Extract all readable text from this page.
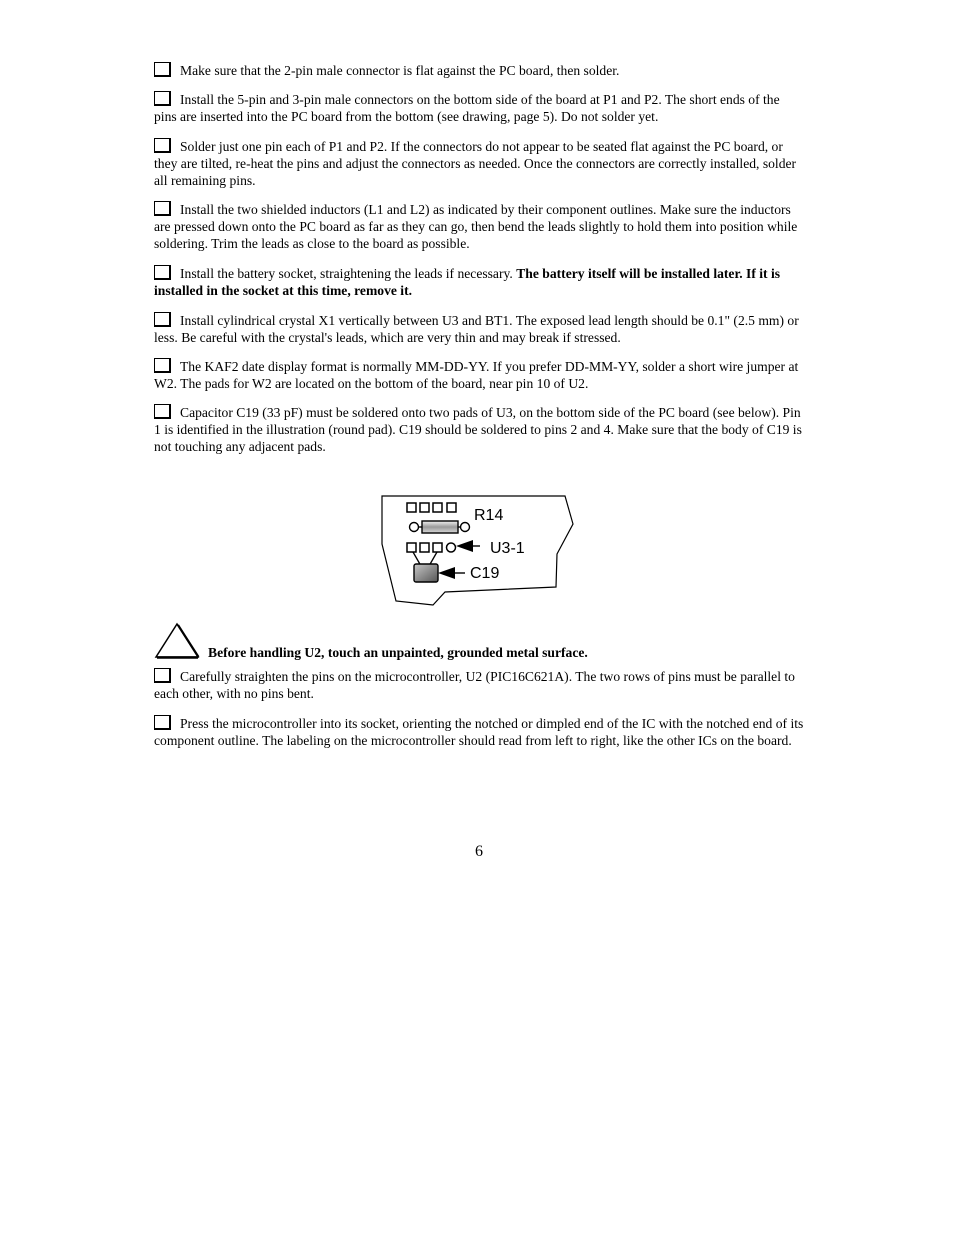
Make sure that the 2-pin male connector is flat against the PC board, then solder.
Install the 5-pin and 3-pin male connectors on the bottom side of the board at P1 and P2. The short ends of the pins are inserted into the PC board from the bottom (see drawing, page 5). Do not solder yet.
Solder just one pin each of P1 and P2. If the connectors do not appear to be seated flat against the PC board, or they are tilted, re-heat the pins and adjust the connectors as needed. Once the connectors are correctly installed, solder all remaining pins.
Install the two shielded inductors (L1 and L2) as indicated by their component outlines. Make sure the inductors are pressed down onto the PC board as far as they can go, then bend the leads slightly to hold them into position while soldering. Trim the leads as close to the board as possible.
Install the battery socket, straightening the leads if necessary. The battery itself will be installed later. If it is installed in the socket at this time, remove it.
Install cylindrical crystal X1 vertically between U3 and BT1. The exposed lead length should be 0.1" (2.5 mm) or less. Be careful with the crystal's leads, which are very thin and may break if stressed.
The KAF2 date display format is normally MM-DD-YY. If you prefer DD-MM-YY, solder a short wire jumper at W2. The pads for W2 are located on the bottom of the board, near pin 10 of U2.
Capacitor C19 (33 pF) must be soldered onto two pads of U3, on the bottom side of the PC board (see below). Pin 1 is identified in the illustration (round pad). C19 should be soldered to pins 2 and 4. Make sure that the body of C19 is not touching any adjacent pads.
R14
U3-1
C19
Before handling U2, touch an unpainted, grounded metal surface.
Carefully straighten the pins on the microcontroller, U2 (PIC16C621A). The two rows of pins must be parallel to each other, with no pins bent.
Press the microcontroller into its socket, orienting the notched or dimpled end of the IC with the notched end of its component outline. The labeling on the microcontroller should read from left to right, like the other ICs on the board.
6
